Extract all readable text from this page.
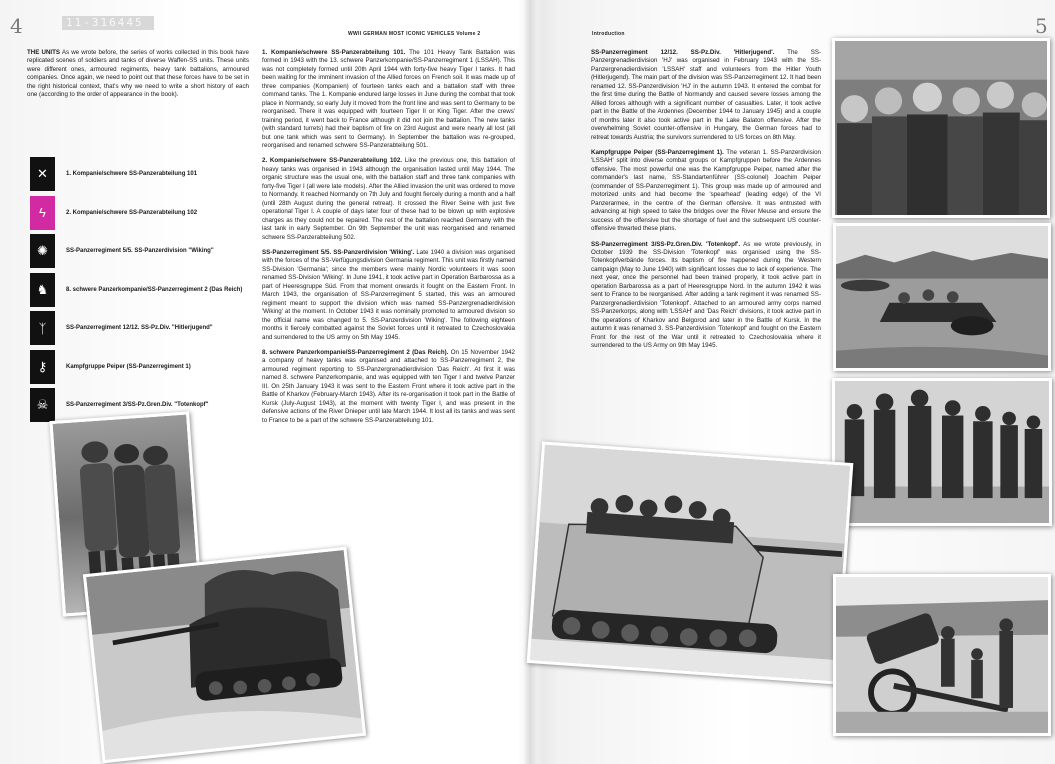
4	11-316445
WWII GERMAN MOST ICONIC VEHICLES Volume 2

THE UNITS As we wrote before, the series of works collected in this book have replicated scenes of soldiers and tanks of diverse Waffen-SS units. These units were different ones, armoured regiments, heavy tank battalions, armoured companies. Once again, we need to point out that these forces have to be set in the right historical context, that's why we need to write a short history of each one (according to the order of appearance in the book).

✕	1. Kompanie/schwere SS-Panzerabteilung 101
ϟ	2. Kompanie/schwere SS-Panzerabteilung 102
✺	SS-Panzerregiment 5/5. SS-Panzerdivision "Wiking"
♞	8. schwere Panzerkompanie/SS-Panzerregiment 2 (Das Reich)
ᛉ	SS-Panzerregiment 12/12. SS-Pz.Div. "Hitlerjugend"
⚷	Kampfgruppe Peiper (SS-Panzerregiment 1)
☠	SS-Panzerregiment 3/SS-Pz.Gren.Div. "Totenkopf"

1. Kompanie/schwere SS-Panzerabteilung 101. The 101 Heavy Tank Battalion was formed in 1943 with the 13. schwere Panzerkompanie/SS-Panzerregiment 1 (LSSAH). This was not completely formed until 20th April 1944 with forty-five heavy Tiger I tanks. It had been waiting for the imminent invasion of the Allied forces on French soil. It was made up of three companies (Kompanien) of fourteen tanks each and a battalion staff with three command tanks. The 1. Kompanie endured large losses in June during the combat that took place in Normandy, so early July it moved from the front line and was sent to Germany to be reorganised. There it was equipped with fourteen Tiger II or King Tiger. After the crews' training period, it went back to France although it did not join the battalion. The new tanks (with standard turrets) had their baptism of fire on 23rd August and were nearly all lost (all but one tank which was sent to Germany). In September the battalion was re-grouped, reorganised and renamed schwere SS-Panzerabteilung 501.

2. Kompanie/schwere SS-Panzerabteilung 102. Like the previous one, this battalion of heavy tanks was organised in 1943 although the organisation lasted until May 1944. The organic structure was the usual one, with the battalion staff and three tank companies with forty-five Tiger I (all were late models). After the Allied invasion the unit was ordered to move to Normandy. It reached Normandy on 7th July and fought fiercely during a month and a half (until 28th August during the general retreat). It crossed the River Seine with just five operational Tiger I. A couple of days later four of these had to be blown up with explosive charges as they could not be repaired. The rest of the battalion reached Germany with the last tank in early September. On 9th September the unit was reorganised and renamed schwere SS-Panzerabteilung 502.

SS-Panzerregiment 5/5. SS-Panzerdivision 'Wiking'. Late 1940 a division was organised with the forces of the SS-Verfügungsdivision Germania regiment. This unit was firstly named SS-Division 'Germania'; since the members were mainly Nordic volunteers it was soon renamed SS-Division 'Wiking'. In June 1941, it took active part in Operation Barbarossa as a part of Heeresgruppe Süd. From that moment onwards it fought on the Eastern Front. In March 1943, the organisation of SS-Panzerregiment 5 started, this was an armoured regiment meant to support the division which was named SS-Panzergrenadierdivision 'Wiking' at the moment. In October 1943 it was nominally promoted to armoured division so the official name was changed to 5. SS-Panzerdivision 'Wiking'. The following eighteen months it fiercely combatted against the Soviet forces until it retreated to Czechoslovakia and surrendered to the US army on 5th May 1945.

8. schwere Panzerkompanie/SS-Panzerregiment 2 (Das Reich). On 15 November 1942 a company of heavy tanks was organised and attached to SS-Panzerregiment 2, the armoured regiment reporting to SS-Panzergrenadierdivision 'Das Reich'. At first it was named 8. schwere Panzerkompanie, and was equipped with ten Tiger I and twelve Panzer III. On 25th January 1943 it was sent to the Eastern Front where it took active part in the Battle of Kharkov (February-March 1943). After its re-organisation it took part in the Battle of Kursk (July-August 1943), at the moment with twenty Tiger I, and was present in the defensive actions of the River Dnieper until late March 1944. It lost all its tanks and was sent to France to be a part of the schwere SS-Panzerabteilung 101.

5
Introduction

SS-Panzerregiment 12/12. SS-Pz.Div. 'Hitlerjugend'. The SS-Panzergrenadierdivision 'HJ' was organised in February 1943 with the SS-Panzergrenadierdivision 'LSSAH' staff and volunteers from the Hitler Youth (Hitlerjugend). The main part of the division was SS-Panzerregiment 12. It had been renamed 12. SS-Panzerdivision 'HJ' in the autumn 1943. It entered the combat for the first time during the Battle of Normandy and caused severe losses among the Allied forces although with a significant number of casualties. Later, it took active part in the Battle of the Ardennes (December 1944 to January 1945) and a couple of months later it also took active part in the Lake Balaton offensive. After the overwhelming Soviet counter-offensive in Hungary, the German forces had to retreat towards Austria; the survivors surrendered to US forces on 8th May.

Kampfgruppe Peiper (SS-Panzerregiment 1). The veteran 1. SS-Panzerdivision 'LSSAH' split into diverse combat groups or Kampfgruppen before the Ardennes offensive. The most powerful one was the Kampfgruppe Peiper, named after the commander's last name, SS-Standartenführer (SS-colonel) Joachim Peiper (commander of SS-Panzerregiment 1). This group was made up of armoured and motorized units and had become the 'spearhead' (leading edge) of the VI Panzerarmee, in the centre of the German offensive. It was entrusted with advancing at high speed to take the bridges over the River Meuse and ensure the success of the offensive but the shortage of fuel and the subsequent US counter-offensive thwarted these plans.

SS-Panzerregiment 3/SS-Pz.Gren.Div. 'Totenkopf'. As we wrote previously, in October 1939 the SS-Division 'Totenkopf' was organised using the SS-Totenkopfverbände forces. Its baptism of fire happened during the Western campaign (May to June 1940) with significant losses due to lack of experience. The next year, once the personnel had been trained properly, it took active part in operation Barbarossa as a part of Heeresgruppe Nord. In the autumn 1942 it was sent to France to be reorganised. After adding a tank regiment it was renamed SS-Panzergrenadierdivision 'Totenkopf'. Attached to an armoured army corps named SS-Panzerkorps, along with 'LSSAH' and 'Das Reich' divisions, it took active part in the operations of Kharkov and Belgorod and later in the Battle of Kursk. In the autumn it was renamed 3. SS-Panzerdivision 'Totenkopf' and fought on the Eastern Front for the rest of the War until it retreated to Czechoslovakia where it surrendered to the US Army on 9th May 1945.
